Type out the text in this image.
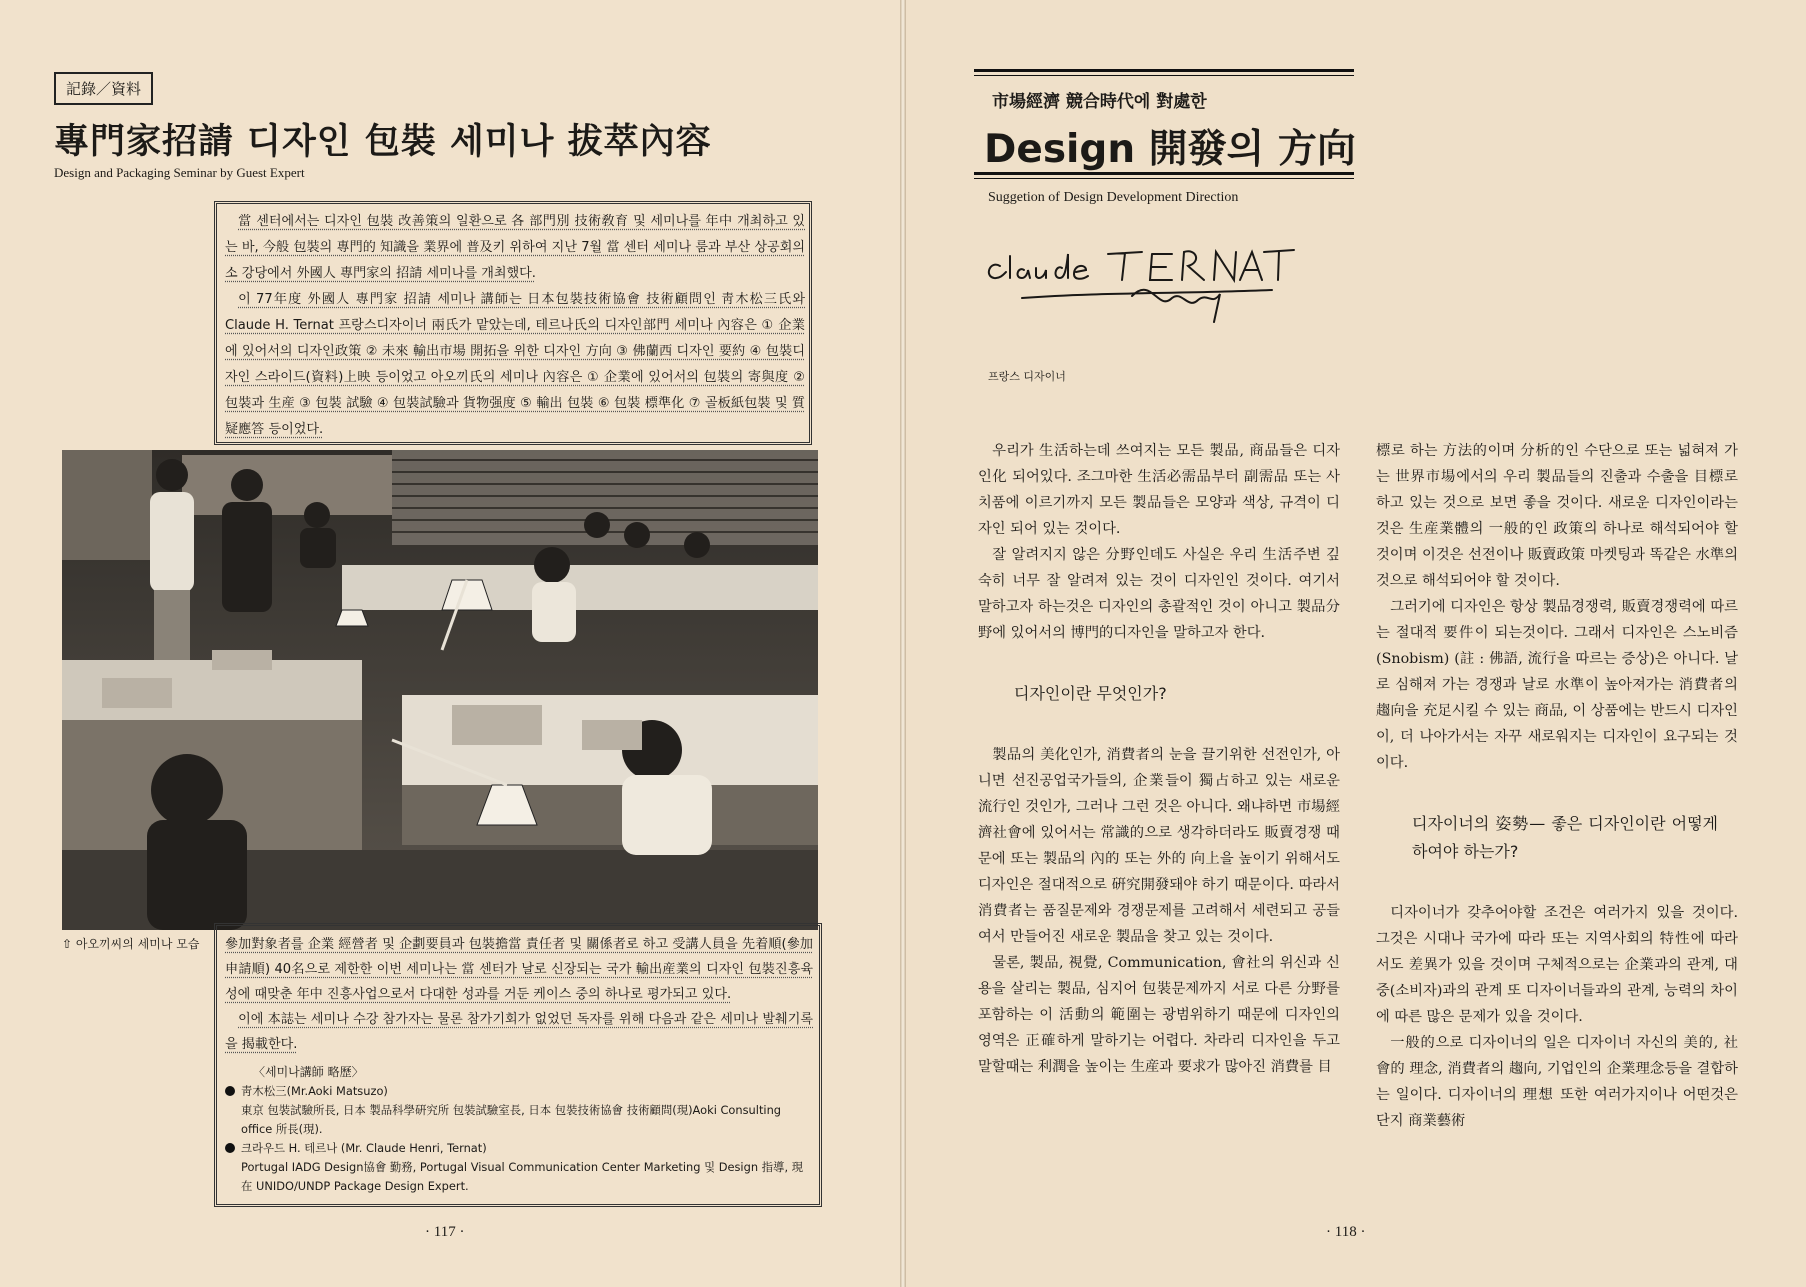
記錄／資料
專門家招請 디자인 包裝 세미나 拔萃內容
Design and Packaging Seminar by Guest Expert

當 센터에서는 디자인 包裝 改善策의 일환으로 各 部門別 技術敎育 및 세미나를 年中 개최하고 있는 바, 今般 包裝의 專門的 知識을 業界에 普及키 위하여 지난 7월 當 센터 세미나 룸과 부산 상공회의소 강당에서 外國人 專門家의 招請 세미나를 개최했다.

이 77年度 外國人 專門家 招請 세미나 講師는 日本包裝技術協會 技術顧問인 靑木松三氏와 Claude H. Ternat 프랑스디자이너 兩氏가 맡았는데, 테르나氏의 디자인部門 세미나 內容은 ① 企業에 있어서의 디자인政策 ② 未來 輸出市場 開拓을 위한 디자인 方向 ③ 佛蘭西 디자인 要約 ④ 包裝디자인 스라이드(資料)上映 등이었고 아오끼氏의 세미나 內容은 ① 企業에 있어서의 包裝의 寄與度 ② 包裝과 生産 ③ 包裝 試驗 ④ 包裝試驗과 貨物强度 ⑤ 輸出 包裝 ⑥ 包裝 標準化 ⑦ 골板紙包裝 및 質疑應答 등이었다.

⇧ 아오끼씨의 세미나 모습 參加對象者를 企業 經營者 및 企劃要員과 包裝擔當 責任者 및 關係者로 하고 受講人員을 先着順(參加申請順) 40名으로 제한한 이번 세미나는 當 센터가 날로 신장되는 국가 輸出産業의 디자인 包裝진흥육성에 때맞춘 年中 진흥사업으로서 다대한 성과를 거둔 케이스 중의 하나로 평가되고 있다.

이에 本誌는 세미나 수강 참가자는 물론 참가기회가 없었던 독자를 위해 다음과 같은 세미나 발췌기록을 揭載한다.

〈세미나講師 略歷〉

靑木松三(Mr.Aoki Matsuzo)
東京 包裝試驗所長, 日本 製品科學硏究所 包裝試驗室長, 日本 包裝技術協會 技術顧問(現)Aoki Consulting office 所長(現).

크라우드 H. 테르나 (Mr. Claude Henri, Ternat)
Portugal IADG Design協會 勤務, Portugal Visual Communication Center Marketing 및 Design 指導, 現在 UNIDO/UNDP Package Design Expert.

· 117 ·
市場經濟 競合時代에 對處한
Design 開發의 方向
Suggetion of Design Development Direction
프랑스 디자이너

우리가 生活하는데 쓰여지는 모든 製品, 商品들은 디자인化 되어있다. 조그마한 生活必需品부터 副需品 또는 사치품에 이르기까지 모든 製品들은 모양과 색상, 규격이 디자인 되어 있는 것이다.

잘 알려지지 않은 分野인데도 사실은 우리 生活주변 깊숙히 너무 잘 알려져 있는 것이 디자인인 것이다. 여기서 말하고자 하는것은 디자인의 총괄적인 것이 아니고 製品分野에 있어서의 博門的디자인을 말하고자 한다.

디자인이란 무엇인가?

製品의 美化인가, 消費者의 눈을 끌기위한 선전인가, 아니면 선진공업국가들의, 企業들이 獨占하고 있는 새로운 流行인 것인가, 그러나 그런 것은 아니다. 왜냐하면 市場經濟社會에 있어서는 常識的으로 생각하더라도 販賣경쟁 때문에 또는 製品의 內的 또는 外的 向上을 높이기 위해서도 디자인은 절대적으로 硏究開發돼야 하기 때문이다. 따라서 消費者는 품질문제와 경쟁문제를 고려해서 세련되고 공들여서 만들어진 새로운 製品을 찾고 있는 것이다.

물론, 製品, 視覺, Communication, 會社의 위신과 신용을 살리는 製品, 심지어 包裝문제까지 서로 다른 分野를 포함하는 이 活動의 範圍는 광범위하기 때문에 디자인의 영역은 正確하게 말하기는 어렵다. 차라리 디자인을 두고 말할때는 利潤을 높이는 生産과 要求가 많아진 消費를 目

標로 하는 方法的이며 分析的인 수단으로 또는 넓혀져 가는 世界市場에서의 우리 製品들의 진출과 수출을 目標로 하고 있는 것으로 보면 좋을 것이다. 새로운 디자인이라는 것은 生産業體의 一般的인 政策의 하나로 해석되어야 할 것이며 이것은 선전이나 販賣政策 마켓팅과 똑같은 水準의 것으로 해석되어야 할 것이다.

그러기에 디자인은 항상 製品경쟁력, 販賣경쟁력에 따르는 절대적 要件이 되는것이다. 그래서 디자인은 스노비즘(Snobism) (註 : 佛語, 流行을 따르는 증상)은 아니다. 날로 심해져 가는 경쟁과 날로 水準이 높아져가는 消費者의 趨向을 充足시킬 수 있는 商品, 이 상품에는 반드시 디자인이, 더 나아가서는 자꾸 새로워지는 디자인이 요구되는 것이다.

디자이너의 姿勢— 좋은 디자인이란 어떻게 하여야 하는가?

디자이너가 갖추어야할 조건은 여러가지 있을 것이다. 그것은 시대나 국가에 따라 또는 지역사회의 特性에 따라서도 差異가 있을 것이며 구체적으로는 企業과의 관계, 대중(소비자)과의 관계 또 디자이너들과의 관계, 능력의 차이에 따른 많은 문제가 있을 것이다.

一般的으로 디자이너의 일은 디자이너 자신의 美的, 社會的 理念, 消費者의 趨向, 기업인의 企業理念등을 결합하는 일이다. 디자이너의 理想 또한 여러가지이나 어떤것은 단지 商業藝術

· 118 ·
